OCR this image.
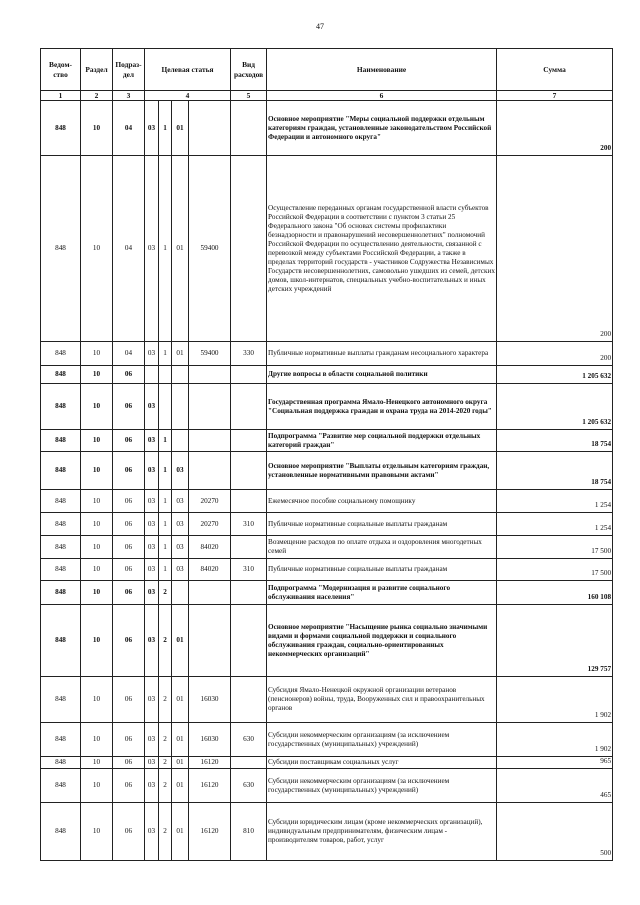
47
Ведом-ство	Раздел	Подраз-дел	Целевая статья				Вид расходов	Наименование	Сумма
1	2	3	4				5	6	7
848	10	04	03	1	01			Основное мероприятие "Меры социальной поддержки отдельным категориям граждан, установленные законодательством Российской Федерации и автономного округа"	200
848	10	04	03	1	01	59400		Осуществление переданных органам государственной власти субъектов Российской Федерации в соответствии с пунктом 3 статьи 25 Федерального закона "Об основах системы профилактики безнадзорности и правонарушений несовершеннолетних" полномочий Российской Федерации по осуществлению деятельности, связанной с перевозкой между субъектами Российской Федерации, а также в пределах территорий государств - участников Содружества Независимых Государств несовершеннолетних, самовольно ушедших из семей, детских домов, школ-интернатов, специальных учебно-воспитательных и иных детских учреждений	200
848	10	04	03	1	01	59400	330	Публичные нормативные выплаты гражданам несоциального характера	200
848	10	06						Другие вопросы в области социальной политики	1 205 632
848	10	06	03					Государственная программа Ямало-Ненецкого автономного округа "Социальная поддержка граждан и охрана труда на 2014-2020 годы"	1 205 632
848	10	06	03	1				Подпрограмма "Развитие мер социальной поддержки отдельных категорий граждан"	18 754
848	10	06	03	1	03			Основное мероприятие "Выплаты отдельным категориям граждан, установленные нормативными правовыми актами"	18 754
848	10	06	03	1	03	20270		Ежемесячное пособие социальному помощнику	1 254
848	10	06	03	1	03	20270	310	Публичные нормативные социальные выплаты гражданам	1 254
848	10	06	03	1	03	84020		Возмещение расходов по оплате отдыха и оздоровления многодетных семей	17 500
848	10	06	03	1	03	84020	310	Публичные нормативные социальные выплаты гражданам	17 500
848	10	06	03	2				Подпрограмма "Модернизация и развитие социального обслуживания населения"	160 108
848	10	06	03	2	01			Основное мероприятие "Насыщение рынка социально значимыми видами и формами социальной поддержки и социального обслуживания граждан, социально-ориентированных некоммерческих организаций"	129 757
848	10	06	03	2	01	16030		Субсидия Ямало-Ненецкой окружной организации ветеранов (пенсионеров) войны, труда, Вооруженных сил и правоохранительных органов	1 902
848	10	06	03	2	01	16030	630	Субсидии некоммерческим организациям (за исключением государственных (муниципальных) учреждений)	1 902
848	10	06	03	2	01	16120		Субсидии поставщикам социальных услуг	965
848	10	06	03	2	01	16120	630	Субсидии некоммерческим организациям (за исключением государственных (муниципальных) учреждений)	465
848	10	06	03	2	01	16120	810	Субсидии юридическим лицам (кроме некоммерческих организаций), индивидуальным предпринимателям, физическим лицам - производителям товаров, работ, услуг	500
